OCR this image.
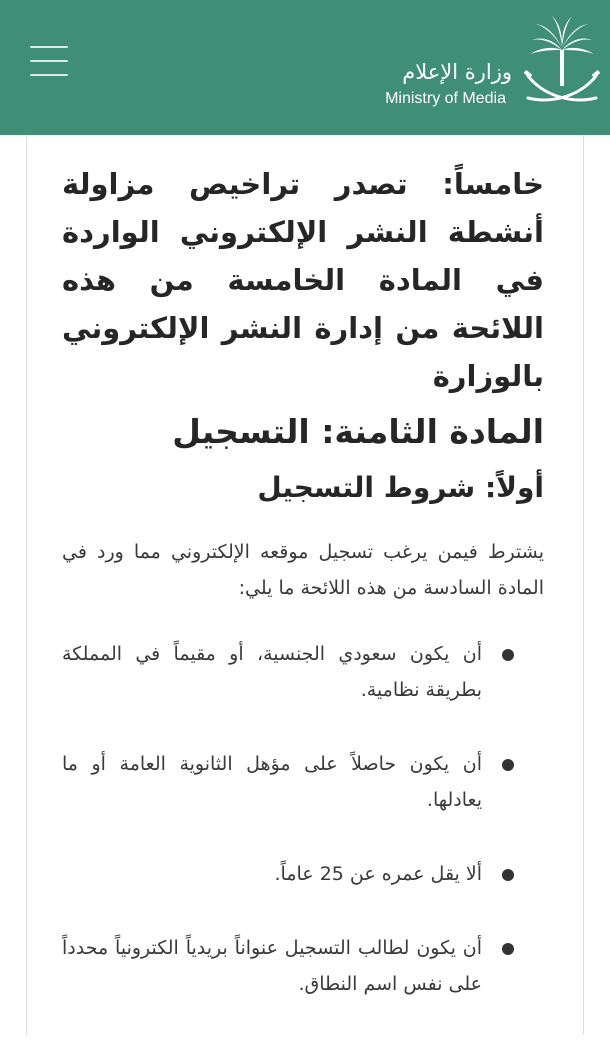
وزارة الإعلام
Ministry of Media

خامساً: تصدر تراخيص مزاولة أنشطة النشر الإلكتروني الواردة في المادة الخامسة من هذه اللائحة من إدارة النشر الإلكتروني بالوزارة

المادة الثامنة: التسجيل
أولاً: شروط التسجيل

يشترط فيمن يرغب تسجيل موقعه الإلكتروني مما ورد في المادة السادسة من هذه اللائحة ما يلي:

أن يكون سعودي الجنسية، أو مقيماً في المملكة بطريقة نظامية.
أن يكون حاصلاً على مؤهل الثانوية العامة أو ما يعادلها.
ألا يقل عمره عن 25 عاماً.
أن يكون لطالب التسجيل عنواناً بريدياً الكترونياً محدداً على نفس اسم النطاق.
